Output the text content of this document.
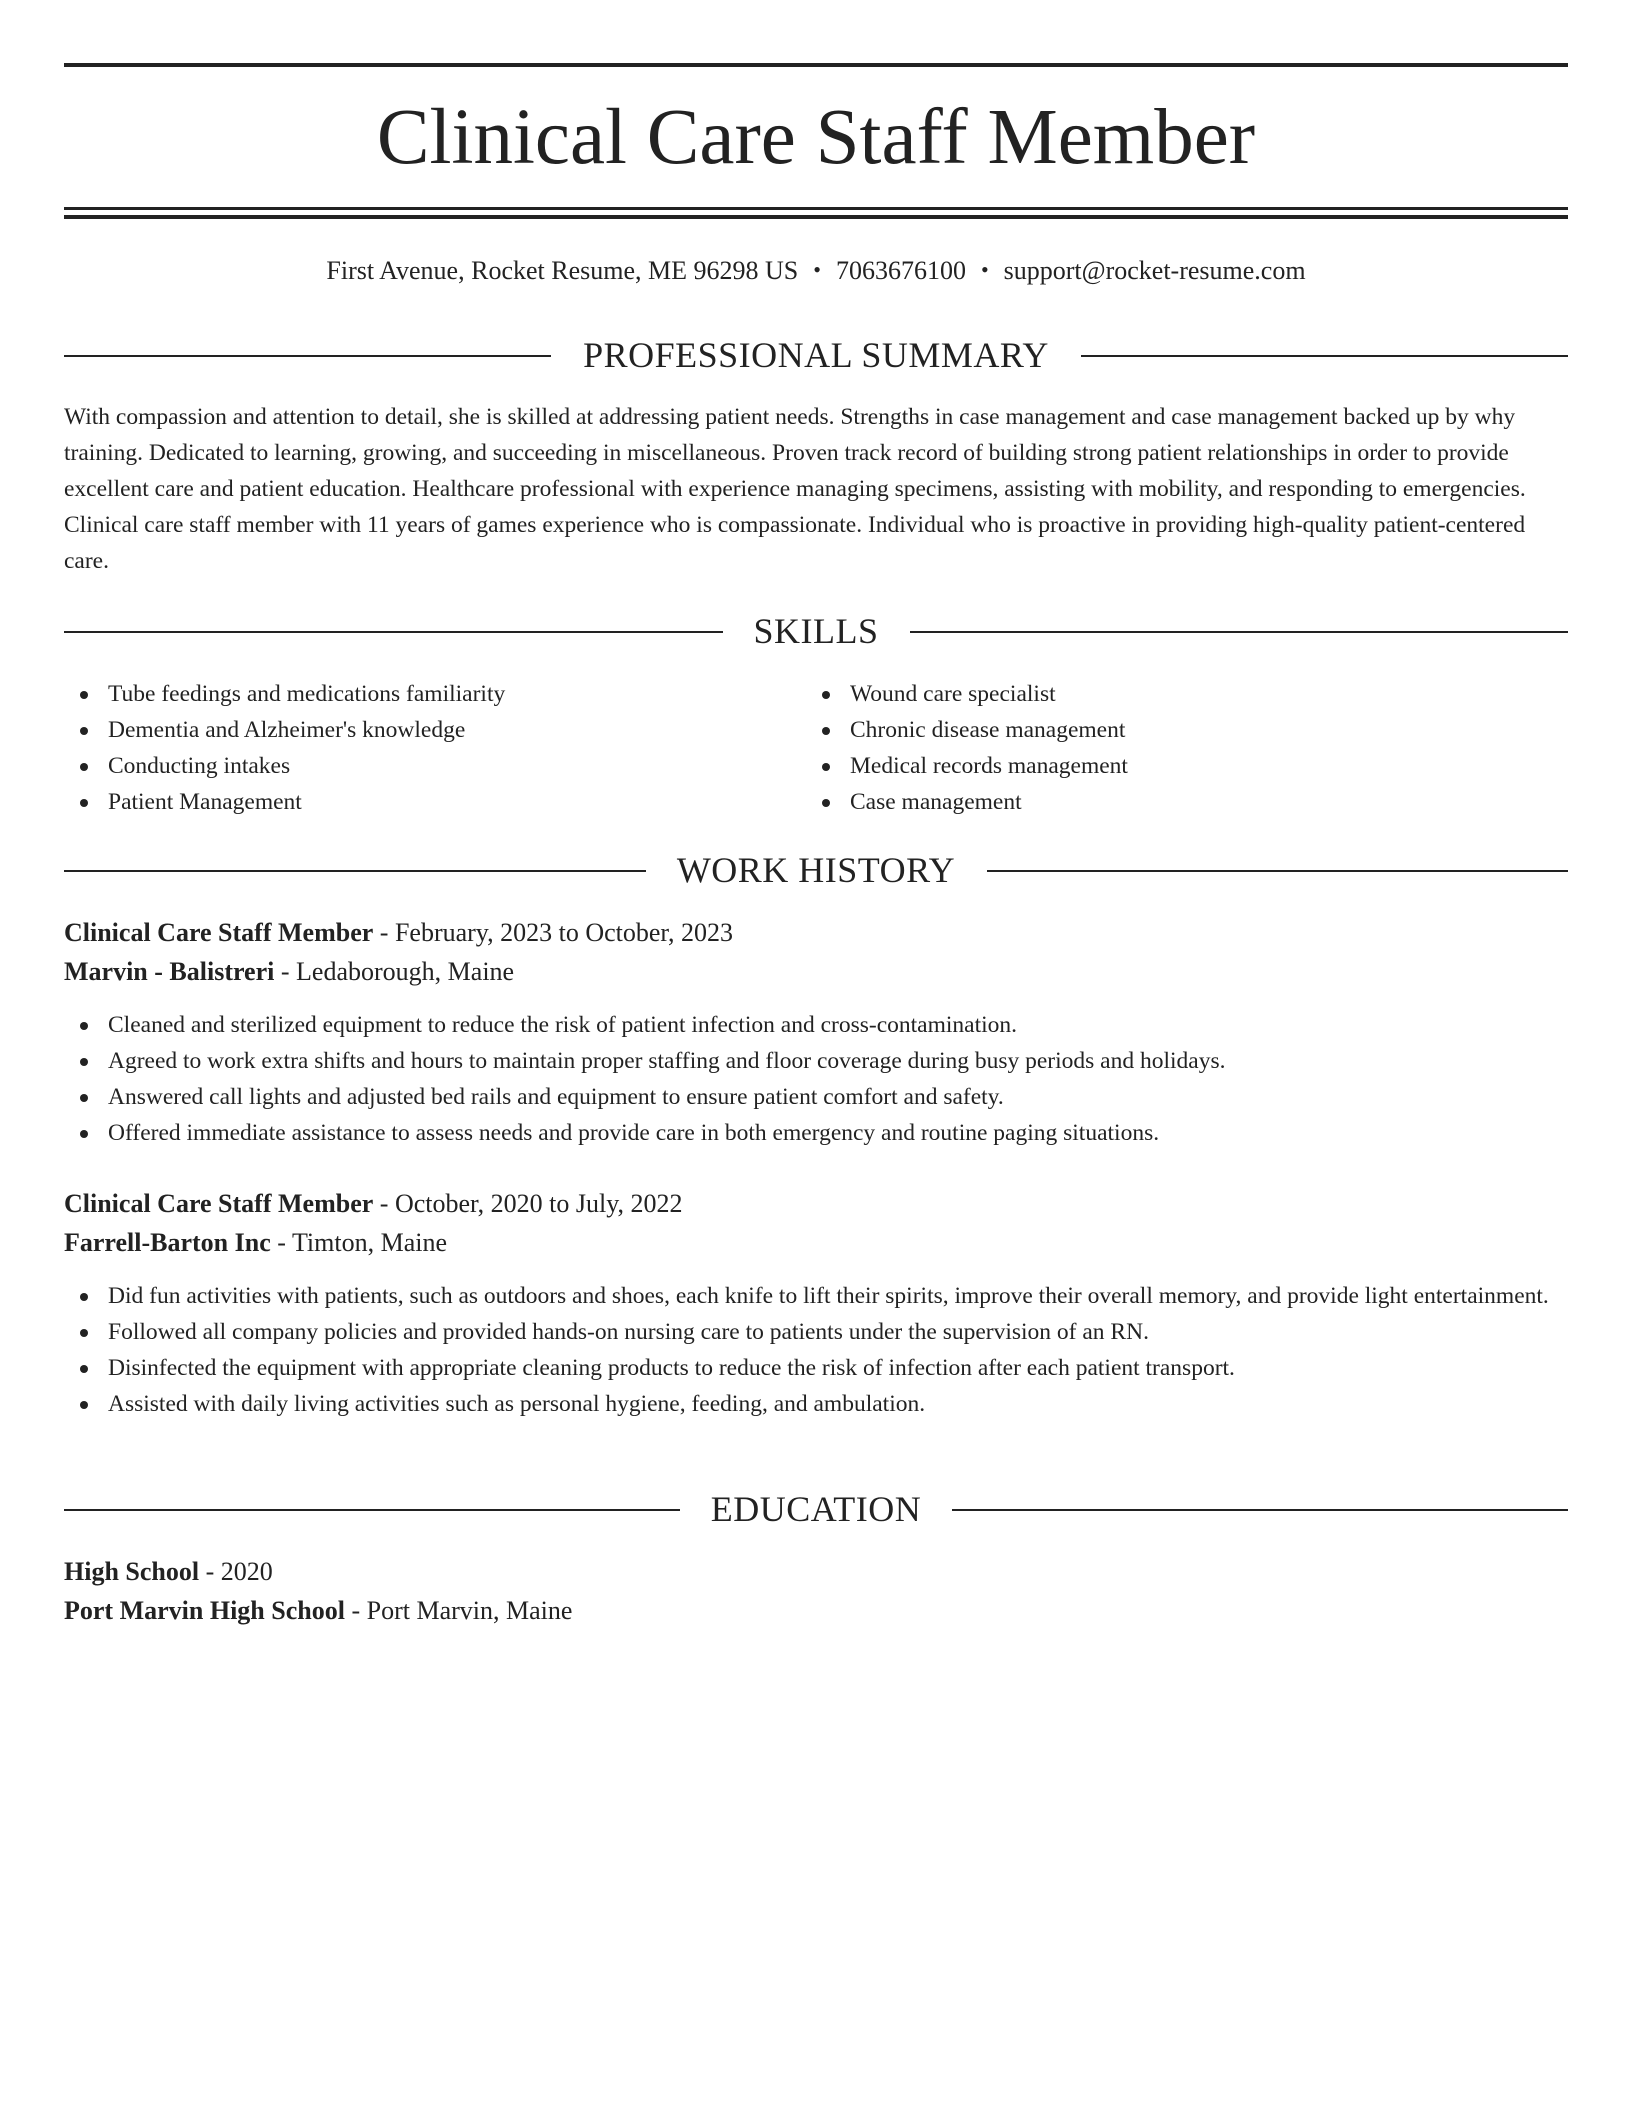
Clinical Care Staff Member
First Avenue, Rocket Resume, ME 96298 US • 7063676100 • support@rocket-resume.com
PROFESSIONAL SUMMARY

With compassion and attention to detail, she is skilled at addressing patient needs. Strengths in case management and case management backed up by why training. Dedicated to learning, growing, and succeeding in miscellaneous. Proven track record of building strong patient relationships in order to provide excellent care and patient education. Healthcare professional with experience managing specimens, assisting with mobility, and responding to emergencies. Clinical care staff member with 11 years of games experience who is compassionate. Individual who is proactive in providing high-quality patient-centered care.

SKILLS
Tube feedings and medications familiarity
Dementia and Alzheimer's knowledge
Conducting intakes
Patient Management
Wound care specialist
Chronic disease management
Medical records management
Case management
WORK HISTORY
Clinical Care Staff Member - February, 2023 to October, 2023
Marvin - Balistreri - Ledaborough, Maine
Cleaned and sterilized equipment to reduce the risk of patient infection and cross-contamination.
Agreed to work extra shifts and hours to maintain proper staffing and floor coverage during busy periods and holidays.
Answered call lights and adjusted bed rails and equipment to ensure patient comfort and safety.
Offered immediate assistance to assess needs and provide care in both emergency and routine paging situations.
Clinical Care Staff Member - October, 2020 to July, 2022
Farrell-Barton Inc - Timton, Maine
Did fun activities with patients, such as outdoors and shoes, each knife to lift their spirits, improve their overall memory, and provide light entertainment.
Followed all company policies and provided hands-on nursing care to patients under the supervision of an RN.
Disinfected the equipment with appropriate cleaning products to reduce the risk of infection after each patient transport.
Assisted with daily living activities such as personal hygiene, feeding, and ambulation.
EDUCATION
High School - 2020
Port Marvin High School - Port Marvin, Maine
